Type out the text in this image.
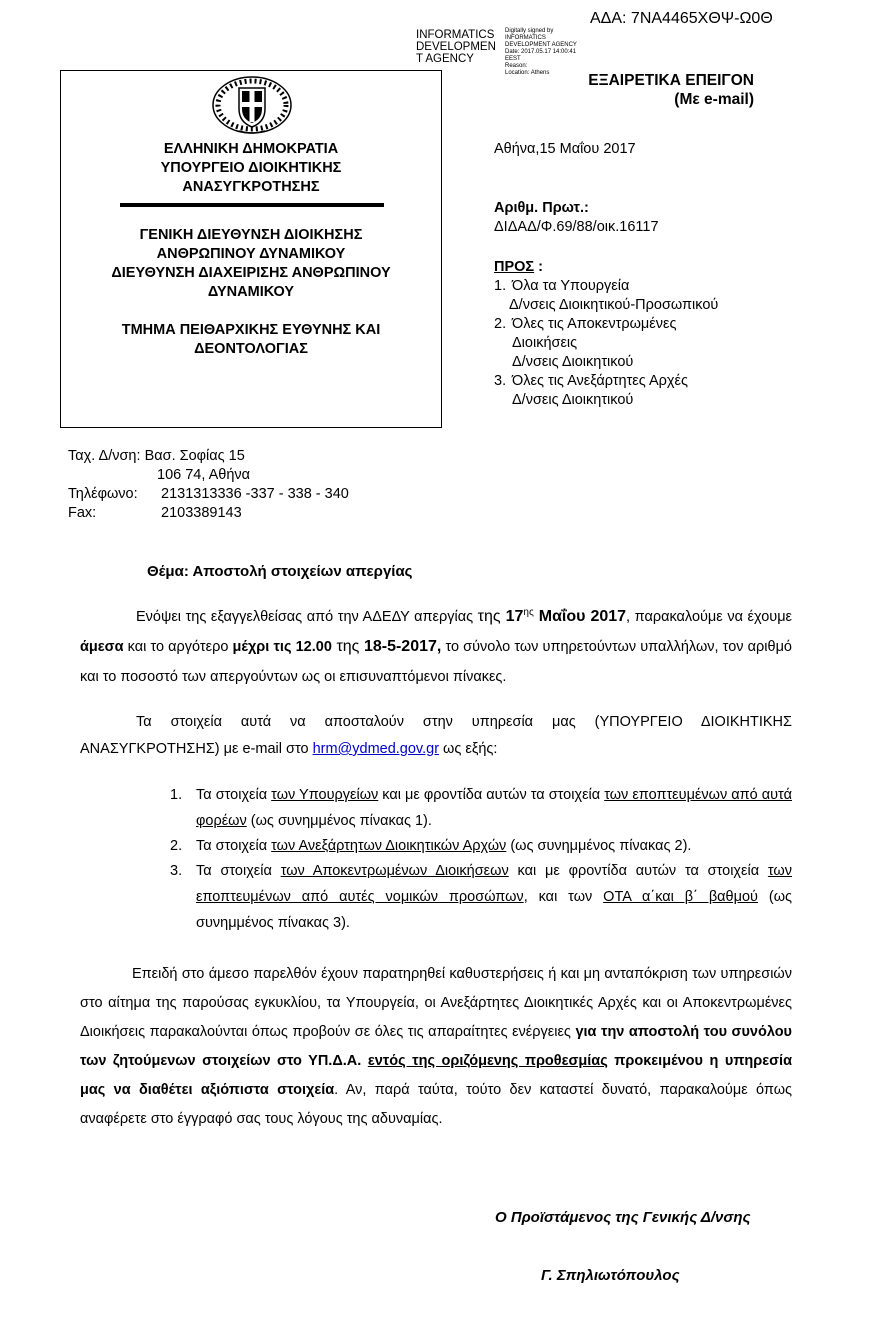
ΑΔΑ: 7ΝΑ4465ΧΘΨ-Ω0Θ
INFORMATICS
DEVELOPMEN
T AGENCY
Digitally signed by
INFORMATICS
DEVELOPMENT AGENCY
Date: 2017.05.17 14:00:41
EEST
Reason:
Location: Athens	ΕΞΑΙΡΕΤΙΚΑ ΕΠΕΙΓΟΝ
(Με e-mail)
ΕΛΛΗΝΙΚΗ ΔΗΜΟΚΡΑΤΙΑ
ΥΠΟΥΡΓΕΙΟ ΔΙΟΙΚΗΤΙΚΗΣ
ΑΝΑΣΥΓΚΡΟΤΗΣΗΣ
ΓΕΝΙΚΗ ΔΙΕΥΘΥΝΣΗ ΔΙΟΙΚΗΣΗΣ
ΑΝΘΡΩΠΙΝΟΥ ΔΥΝΑΜΙΚΟΥ
ΔΙΕΥΘΥΝΣΗ ΔΙΑΧΕΙΡΙΣΗΣ ΑΝΘΡΩΠΙΝΟΥ
ΔΥΝΑΜΙΚΟΥ
ΤΜΗΜΑ ΠΕΙΘΑΡΧΙΚΗΣ ΕΥΘΥΝΗΣ ΚΑΙ
ΔΕΟΝΤΟΛΟΓΙΑΣ
Αθήνα,15 Μαΐου 2017
Αριθμ. Πρωτ.:
ΔΙΔΑΔ/Φ.69/88/οικ.16117
ΠΡΟΣ :
1. Όλα τα Υπουργεία
Δ/νσεις Διοικητικού-Προσωπικού
2. Όλες τις Αποκεντρωμένες
Διοικήσεις
Δ/νσεις Διοικητικού
3. Όλες τις Ανεξάρτητες Αρχές
Δ/νσεις Διοικητικού
Ταχ. Δ/νση: Βασ. Σοφίας 15
106 74, Αθήνα
Τηλέφωνο: 2131313336 -337 - 338 - 340
Fax:	2103389143
Θέμα: Αποστολή στοιχείων απεργίας
Ενόψει της εξαγγελθείσας από την ΑΔΕΔΥ απεργίας της $17^{\eta\varsigma}$ Μαΐου 2017, παρακαλούμε να έχουμε άμεσα και το αργότερο μέχρι τις 12.00 της 18-5-2017, το σύνολο των υπηρετούντων υπαλλήλων, τον αριθμό και το ποσοστό των απεργούντων ως οι επισυναπτόμενοι πίνακες.
Τα στοιχεία αυτά να αποσταλούν στην υπηρεσία μας (ΥΠΟΥΡΓΕΙΟ ΔΙΟΙΚΗΤΙΚΗΣ ΑΝΑΣΥΓΚΡΟΤΗΣΗΣ) με e-mail στο hrm@ydmed.gov.gr ως εξής:
1. Τα στοιχεία των Υπουργείων και με φροντίδα αυτών τα στοιχεία των εποπτευμένων από αυτά φορέων (ως συνημμένος πίνακας 1).
2. Τα στοιχεία των Ανεξάρτητων Διοικητικών Αρχών (ως συνημμένος πίνακας 2).
3. Τα στοιχεία των Αποκεντρωμένων Διοικήσεων και με φροντίδα αυτών τα στοιχεία των εποπτευμένων από αυτές νομικών προσώπων, και των ΟΤΑ α΄και β΄ βαθμού (ως συνημμένος πίνακας 3).
Επειδή στο άμεσο παρελθόν έχουν παρατηρηθεί καθυστερήσεις ή και μη ανταπόκριση των υπηρεσιών στο αίτημα της παρούσας εγκυκλίου, τα Υπουργεία, οι Ανεξάρτητες Διοικητικές Αρχές και οι Αποκεντρωμένες Διοικήσεις παρακαλούνται όπως προβούν σε όλες τις απαραίτητες ενέργειες για την αποστολή του συνόλου των ζητούμενων στοιχείων στο ΥΠ.Δ.Α. εντός της οριζόμενης προθεσμίας προκειμένου η υπηρεσία μας να διαθέτει αξιόπιστα στοιχεία. Αν, παρά ταύτα, τούτο δεν καταστεί δυνατό, παρακαλούμε όπως αναφέρετε στο έγγραφό σας τους λόγους της αδυναμίας.
Ο Προϊστάμενος της Γενικής Δ/νσης
Γ. Σπηλιωτόπουλος
